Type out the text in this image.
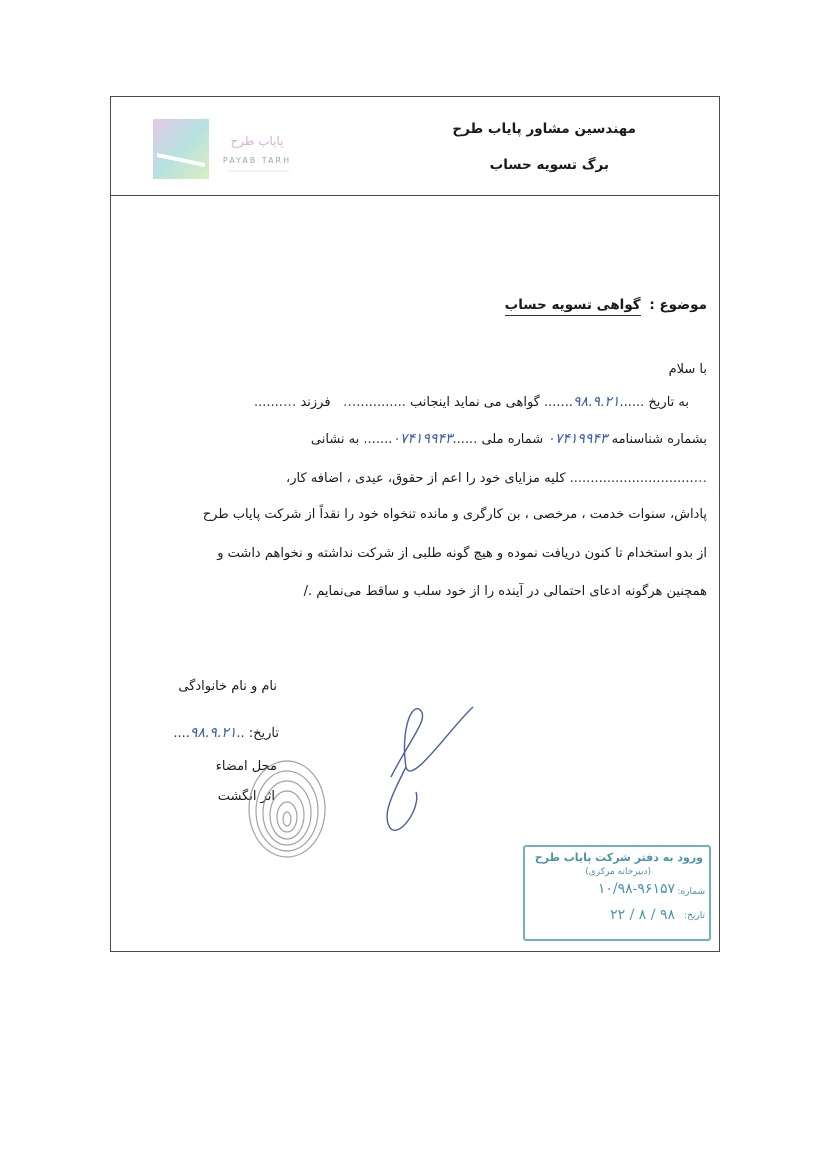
مهندسین مشاور پایاب طرح
برگ تسویه حساب
پایاب طرح
PAYAB TARH
موضوع : گواهی تسویه حساب
با سلام
به تاریخ ......۹۸.۹.۲۱....... گواهی می نماید اینجانب ...............   فرزند ..........
بشماره شناسنامه ۰۷۴۱۹۹۴۳ شماره ملی ......۰۷۴۱۹۹۴۳....... به نشانی
................................. کلیه مزایای خود را اعم از حقوق، عیدی ، اضافه کار،
پاداش، سنوات خدمت ، مرخصی ، بن کارگری و مانده تنخواه خود را نقداً از شرکت پایاب طرح
از بدو استخدام تا کنون دریافت نموده و هیچ گونه طلبی از شرکت نداشته و نخواهم داشت و
همچنین هرگونه ادعای احتمالی در آینده را از خود سلب و ساقط می‌نمایم ./
نام و نام خانوادگی
تاریخ: ..۹۸.۹.۲۱....
محل امضاء
اثر انگشت
ورود به دفتر شرکت پایاب طرح
(دبیرخانه مرکزی)
شماره:
۱۰/۹۸-۹۶۱۵۷
تاریخ:
۹۸ / ۸ / ۲۲
